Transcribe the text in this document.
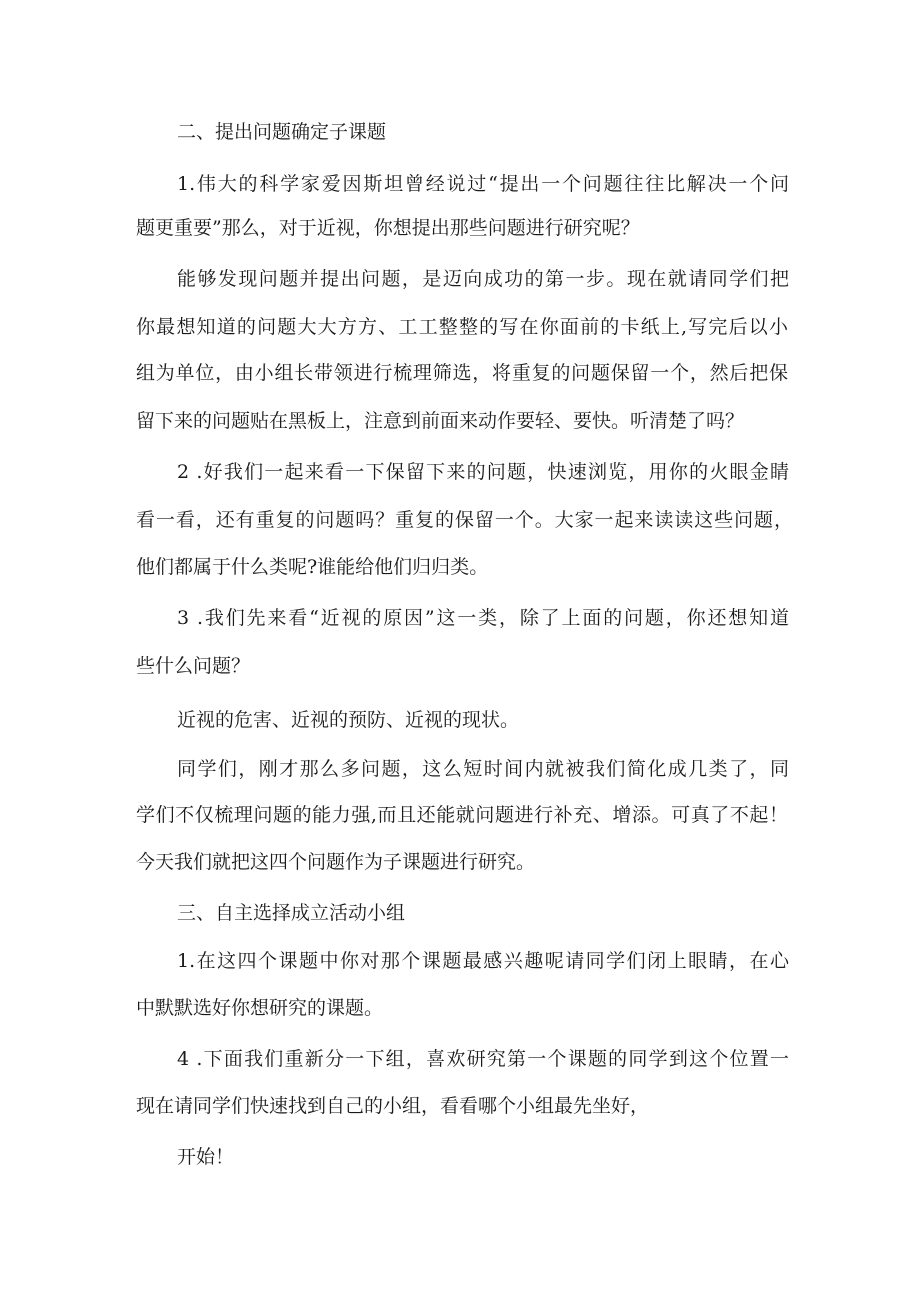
二、提出问题确定子课题
1.伟大的科学家爱因斯坦曾经说过“提出一个问题往往比解决一个问
题更重要”那么，对于近视，你想提出那些问题进行研究呢？
能够发现问题并提出问题，是迈向成功的第一步。现在就请同学们把
你最想知道的问题大大方方、工工整整的写在你面前的卡纸上,写完后以小
组为单位，由小组长带领进行梳理筛选，将重复的问题保留一个，然后把保
留下来的问题贴在黑板上，注意到前面来动作要轻、要快。听清楚了吗？
2 .好我们一起来看一下保留下来的问题，快速浏览，用你的火眼金睛
看一看，还有重复的问题吗？重复的保留一个。大家一起来读读这些问题，
他们都属于什么类呢?谁能给他们归归类。
3 .我们先来看“近视的原因”这一类，除了上面的问题，你还想知道
些什么问题？
近视的危害、近视的预防、近视的现状。
同学们，刚才那么多问题，这么短时间内就被我们简化成几类了，同
学们不仅梳理问题的能力强,而且还能就问题进行补充、增添。可真了不起！
今天我们就把这四个问题作为子课题进行研究。
三、自主选择成立活动小组
1.在这四个课题中你对那个课题最感兴趣呢请同学们闭上眼睛，在心
中默默选好你想研究的课题。
4 .下面我们重新分一下组，喜欢研究第一个课题的同学到这个位置一
现在请同学们快速找到自己的小组，看看哪个小组最先坐好，
开始！
